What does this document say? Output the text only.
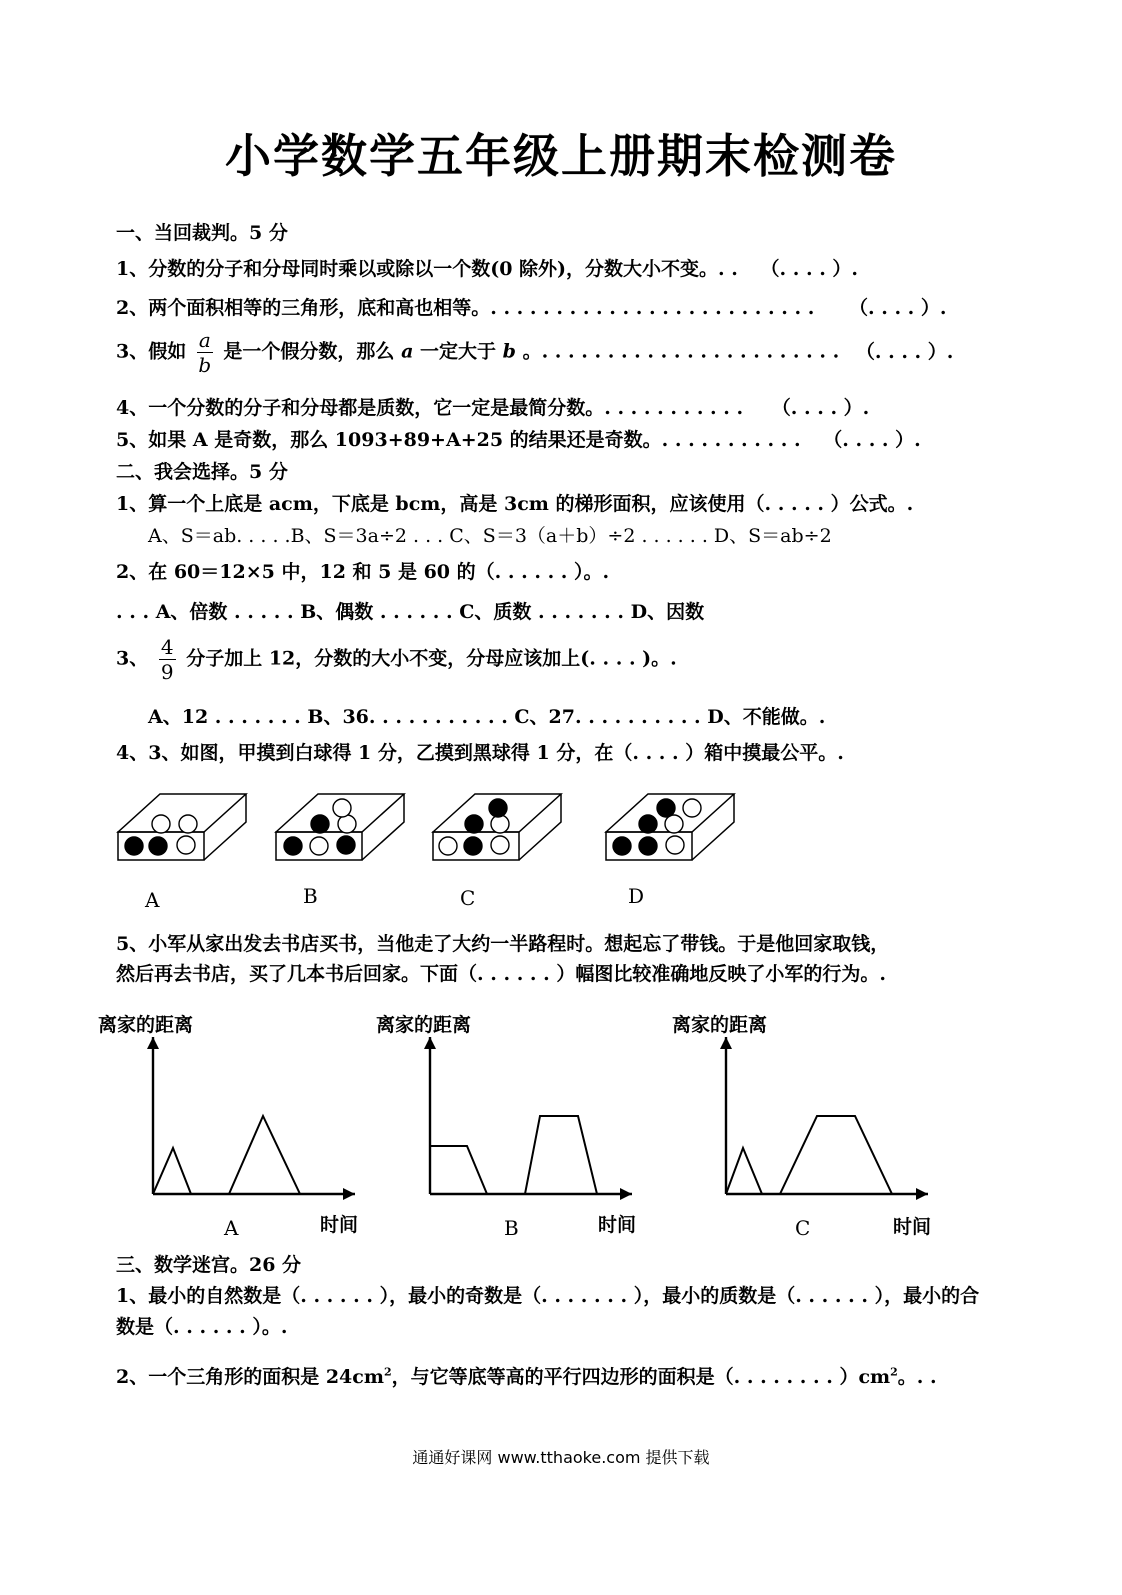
小学数学五年级上册期末检测卷
一、当回裁判。5 分
1、分数的分子和分母同时乘以或除以一个数(0 除外)，分数大小不变。. . （. . . . ）.
2、两个面积相等的三角形，底和高也相等。. . . . . . . . . . . . . . . . . . . . . . . . . （. . . . ）.
3、假如 $\frac{a}{b}$ 是一个假分数，那么 a 一定大于 b 。. . . . . . . . . . . . . . . . . . . . . . . （. . . . ）.
4、一个分数的分子和分母都是质数，它一定是最简分数。. . . . . . . . . . . （. . . . ）.
5、如果 A 是奇数，那么 1093+89+A+25 的结果还是奇数。. . . . . . . . . . . （. . . . ）.
二、我会选择。5 分
1、算一个上底是 acm，下底是 bcm，高是 3cm 的梯形面积，应该使用（. . . . . ）公式。.
A、S＝ab. . . . .B、S＝3a÷2 . . . C、S＝3（a＋b）÷2 . . . . . . D、S＝ab÷2
2、在 60＝12×5 中，12 和 5 是 60 的（. . . . . . ）。.
. . . A、倍数 . . . . . B、偶数 . . . . . . C、质数 . . . . . . . D、因数
3、 $\frac{4}{9}$ 分子加上 12，分数的大小不变，分母应该加上(. . . . )。.
A、12 . . . . . . . B、36. . . . . . . . . . . C、27. . . . . . . . . . D、不能做。.
4、3、如图，甲摸到白球得 1 分，乙摸到黑球得 1 分，在（. . . . ）箱中摸最公平。.
A	B	C	D
5、小军从家出发去书店买书，当他走了大约一半路程时。想起忘了带钱。于是他回家取钱，
然后再去书店，买了几本书后回家。下面（. . . . . . ）幅图比较准确地反映了小军的行为。.
离家的距离	离家的距离	离家的距离
时间	时间	时间
A	B	C
三、数学迷宫。26 分
1、最小的自然数是（. . . . . . ），最小的奇数是（. . . . . . . ），最小的质数是（. . . . . . ），最小的合
数是（. . . . . . ）。.
2、一个三角形的面积是 $24cm^2$，与它等底等高的平行四边形的面积是（. . . . . . . . ）$cm^2$。. .
通通好课网 www.tthaoke.com 提供下载
